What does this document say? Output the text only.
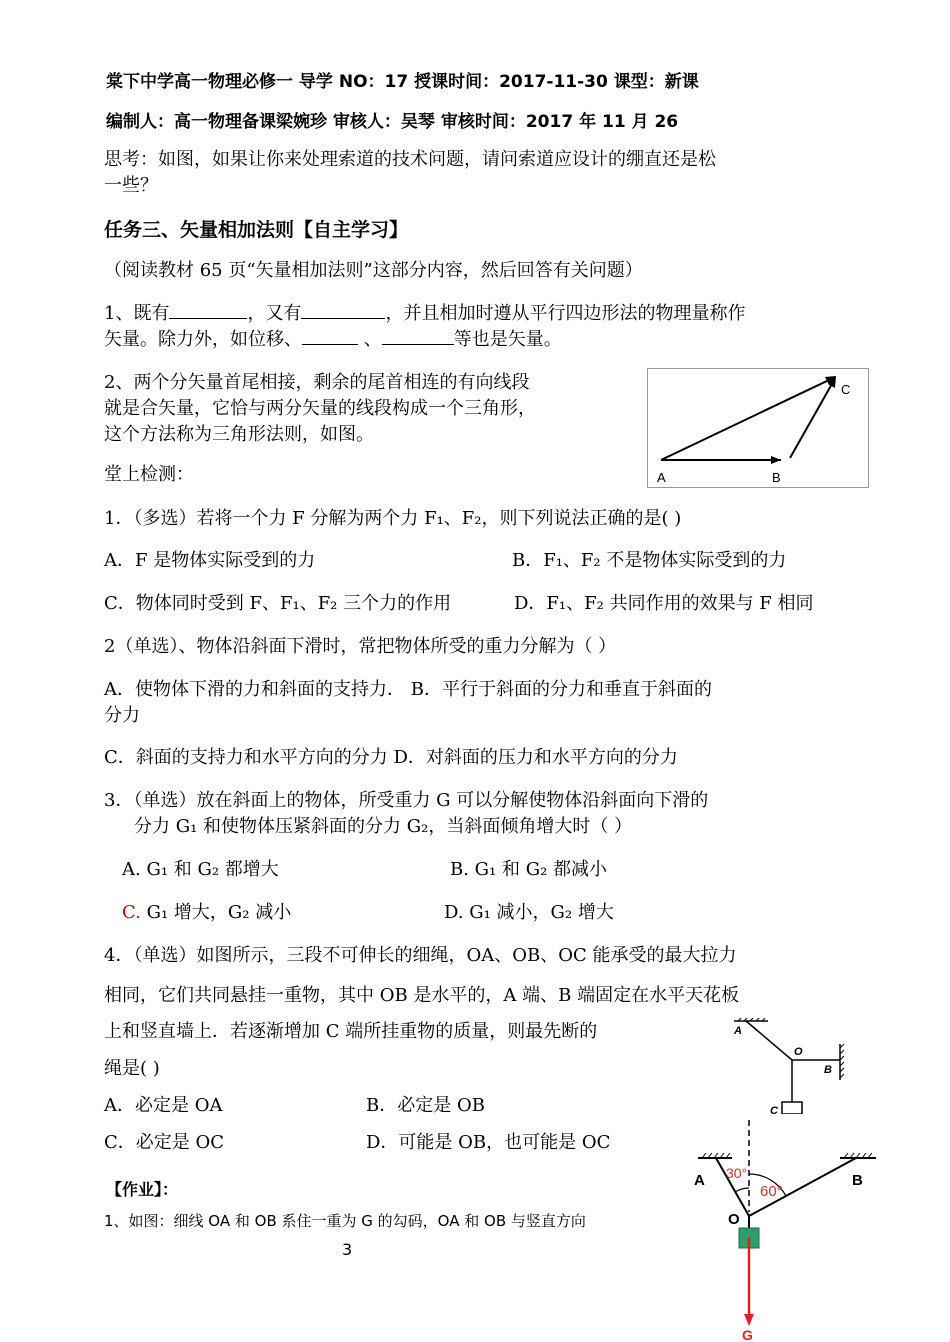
棠下中学高一物理必修一 导学 NO：17 授课时间：2017-11-30 课型：新课
编制人：高一物理备课梁婉珍 审核人：吴琴 审核时间：2017 年 11 月 26
思考：如图，如果让你来处理索道的技术问题，请问索道应设计的绷直还是松
一些？
任务三、矢量相加法则【自主学习】
（阅读教材 65 页“矢量相加法则”这部分内容，然后回答有关问题）
1、既有	，又有	，并且相加时遵从平行四边形法的物理量称作
矢量。除力外，如位移、	、	等也是矢量。
2、两个分矢量首尾相接，剩余的尾首相连的有向线段
就是合矢量，它恰与两分矢量的线段构成一个三角形，
这个方法称为三角形法则，如图。
A	B
C
堂上检测：
1．（多选）若将一个力 F 分解为两个力 F₁、F₂，则下列说法正确的是( )
A．F 是物体实际受到的力	B．F₁、F₂ 不是物体实际受到的力
C．物体同时受到 F、F₁、F₂ 三个力的作用	D．F₁、F₂ 共同作用的效果与 F 相同
2（单选）、物体沿斜面下滑时，常把物体所受的重力分解为（ ）
A．使物体下滑的力和斜面的支持力． B．平行于斜面的分力和垂直于斜面的
分力
C．斜面的支持力和水平方向的分力 D．对斜面的压力和水平方向的分力
3．（单选）放在斜面上的物体，所受重力 G 可以分解使物体沿斜面向下滑的
分力 G₁ 和使物体压紧斜面的分力 G₂，当斜面倾角增大时（ ）
A. G₁ 和 G₂ 都增大	B. G₁ 和 G₂ 都减小
C. G₁ 增大，G₂ 减小	D. G₁ 减小，G₂ 增大
4．（单选）如图所示，三段不可伸长的细绳，OA、OB、OC 能承受的最大拉力
相同，它们共同悬挂一重物，其中 OB 是水平的，A 端、B 端固定在水平天花板
上和竖直墙上．若逐渐增加 C 端所挂重物的质量，则最先断的
绳是( )
A．必定是 OA	B．必定是 OB
C．必定是 OC	D．可能是 OB，也可能是 OC
A
O
B
C
【作业】：
1、如图：细线 OA 和 OB 系住一重为 G 的勾码，OA 和 OB 与竖直方向
30°
60°
A	B
O
G
3
